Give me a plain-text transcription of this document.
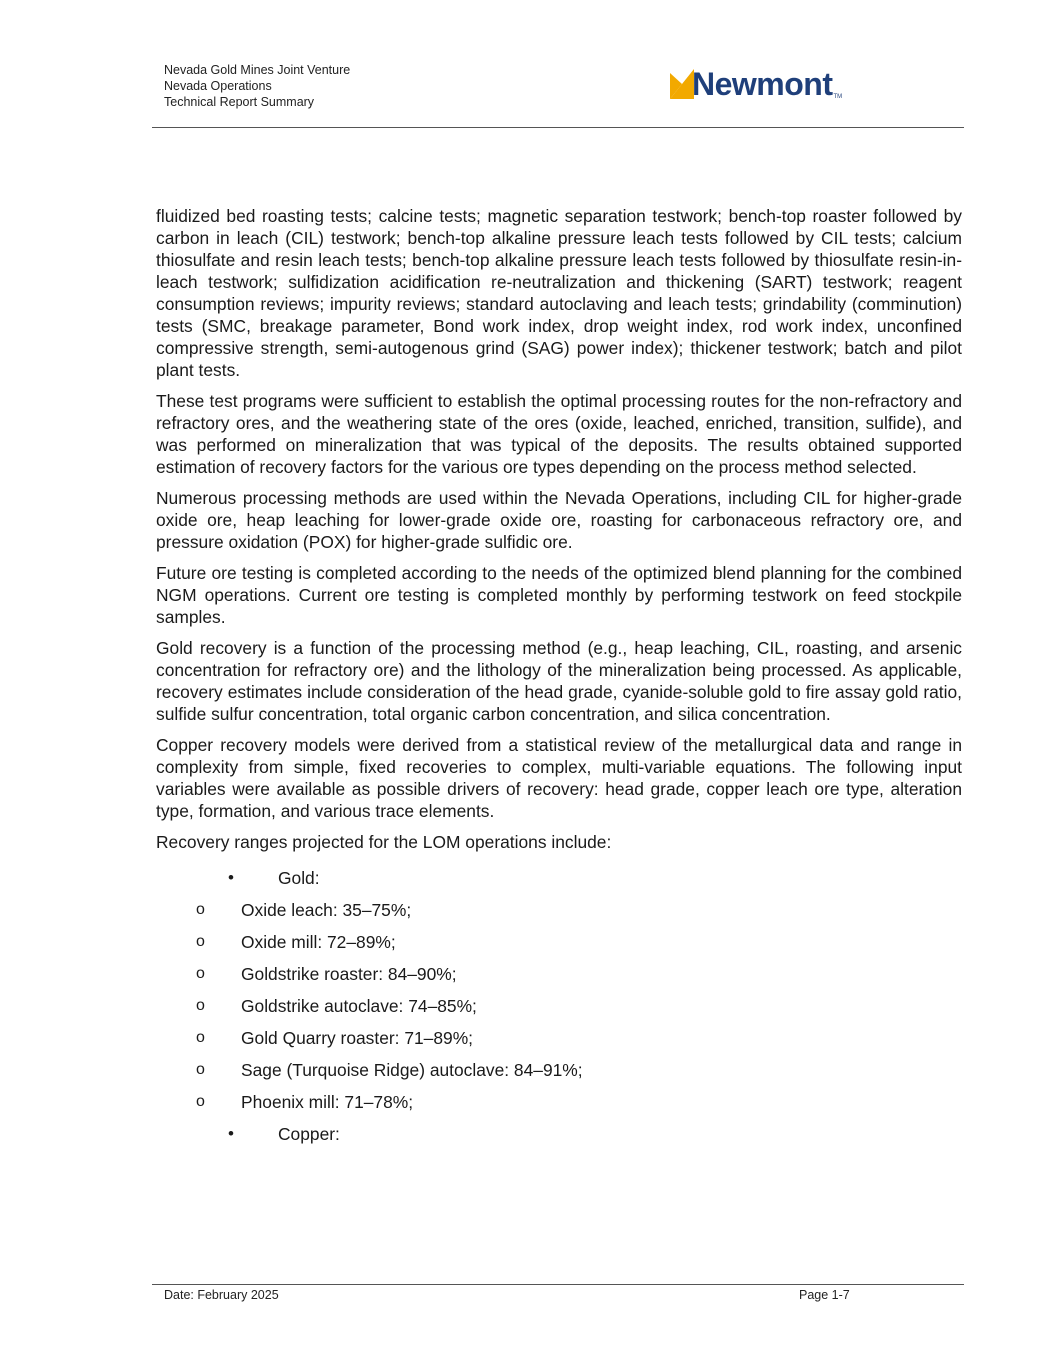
Nevada Gold Mines Joint Venture
Nevada Operations
Technical Report Summary	Newmont TM

fluidized bed roasting tests; calcine tests; magnetic separation testwork; bench-top roaster followed by carbon in leach (CIL) testwork; bench-top alkaline pressure leach tests followed by CIL tests; calcium thiosulfate and resin leach tests; bench-top alkaline pressure leach tests followed by thiosulfate resin-in-leach testwork; sulfidization acidification re-neutralization and thickening (SART) testwork; reagent consumption reviews; impurity reviews; standard autoclaving and leach tests; grindability (comminution) tests (SMC, breakage parameter, Bond work index, drop weight index, rod work index, unconfined compressive strength, semi-autogenous grind (SAG) power index); thickener testwork; batch and pilot plant tests.

These test programs were sufficient to establish the optimal processing routes for the non-refractory and refractory ores, and the weathering state of the ores (oxide, leached, enriched, transition, sulfide), and was performed on mineralization that was typical of the deposits. The results obtained supported estimation of recovery factors for the various ore types depending on the process method selected.

Numerous processing methods are used within the Nevada Operations, including CIL for higher-grade oxide ore, heap leaching for lower-grade oxide ore, roasting for carbonaceous refractory ore, and pressure oxidation (POX) for higher-grade sulfidic ore.

Future ore testing is completed according to the needs of the optimized blend planning for the combined NGM operations. Current ore testing is completed monthly by performing testwork on feed stockpile samples.

Gold recovery is a function of the processing method (e.g., heap leaching, CIL, roasting, and arsenic concentration for refractory ore) and the lithology of the mineralization being processed. As applicable, recovery estimates include consideration of the head grade, cyanide-soluble gold to fire assay gold ratio, sulfide sulfur concentration, total organic carbon concentration, and silica concentration.

Copper recovery models were derived from a statistical review of the metallurgical data and range in complexity from simple, fixed recoveries to complex, multi-variable equations. The following input variables were available as possible drivers of recovery: head grade, copper leach ore type, alteration type, formation, and various trace elements.

Recovery ranges projected for the LOM operations include:

•	Gold:
o Oxide leach: 35–75%;
o Oxide mill: 72–89%;
o Goldstrike roaster: 84–90%;
o Goldstrike autoclave: 74–85%;
o Gold Quarry roaster: 71–89%;
o Sage (Turquoise Ridge) autoclave: 84–91%;
o Phoenix mill: 71–78%;
•	Copper:
Date: February 2025	Page 1-7
